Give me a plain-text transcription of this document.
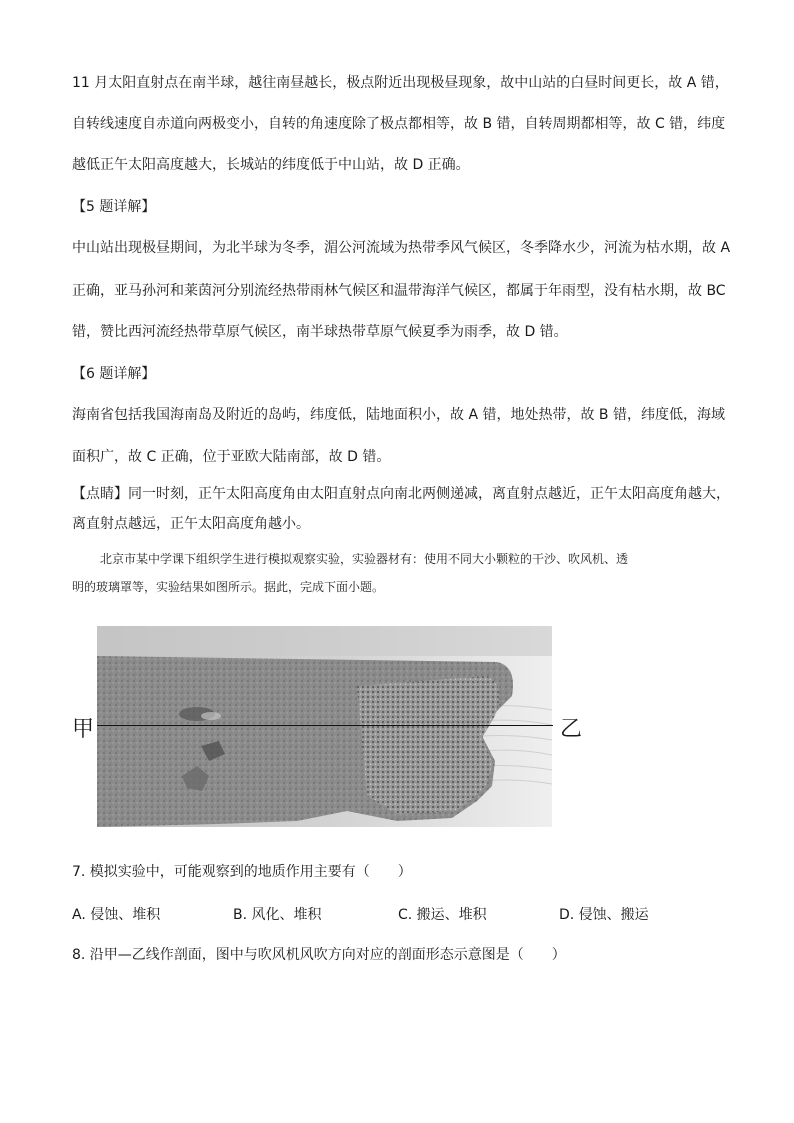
11 月太阳直射点在南半球，越往南昼越长，极点附近出现极昼现象，故中山站的白昼时间更长，故 A 错，
自转线速度自赤道向两极变小，自转的角速度除了极点都相等，故 B 错，自转周期都相等，故 C 错，纬度
越低正午太阳高度越大，长城站的纬度低于中山站，故 D 正确。
【5 题详解】
中山站出现极昼期间，为北半球为冬季，湄公河流域为热带季风气候区，冬季降水少，河流为枯水期，故 A
正确，亚马孙河和莱茵河分别流经热带雨林气候区和温带海洋气候区，都属于年雨型，没有枯水期，故 BC
错，赞比西河流经热带草原气候区，南半球热带草原气候夏季为雨季，故 D 错。
【6 题详解】
海南省包括我国海南岛及附近的岛屿，纬度低，陆地面积小，故 A 错，地处热带，故 B 错，纬度低，海域
面积广，故 C 正确，位于亚欧大陆南部，故 D 错。
【点睛】同一时刻，正午太阳高度角由太阳直射点向南北两侧递减，离直射点越近，正午太阳高度角越大，
离直射点越远，正午太阳高度角越小。
北京市某中学课下组织学生进行模拟观察实验，实验器材有：使用不同大小颗粒的干沙、吹风机、透
明的玻璃罩等，实验结果如图所示。据此，完成下面小题。
甲	乙
7. 模拟实验中，可能观察到的地质作用主要有（　　）
A. 侵蚀、堆积	B. 风化、堆积	C. 搬运、堆积	D. 侵蚀、搬运
8. 沿甲—乙线作剖面，图中与吹风机风吹方向对应的剖面形态示意图是（　　）
